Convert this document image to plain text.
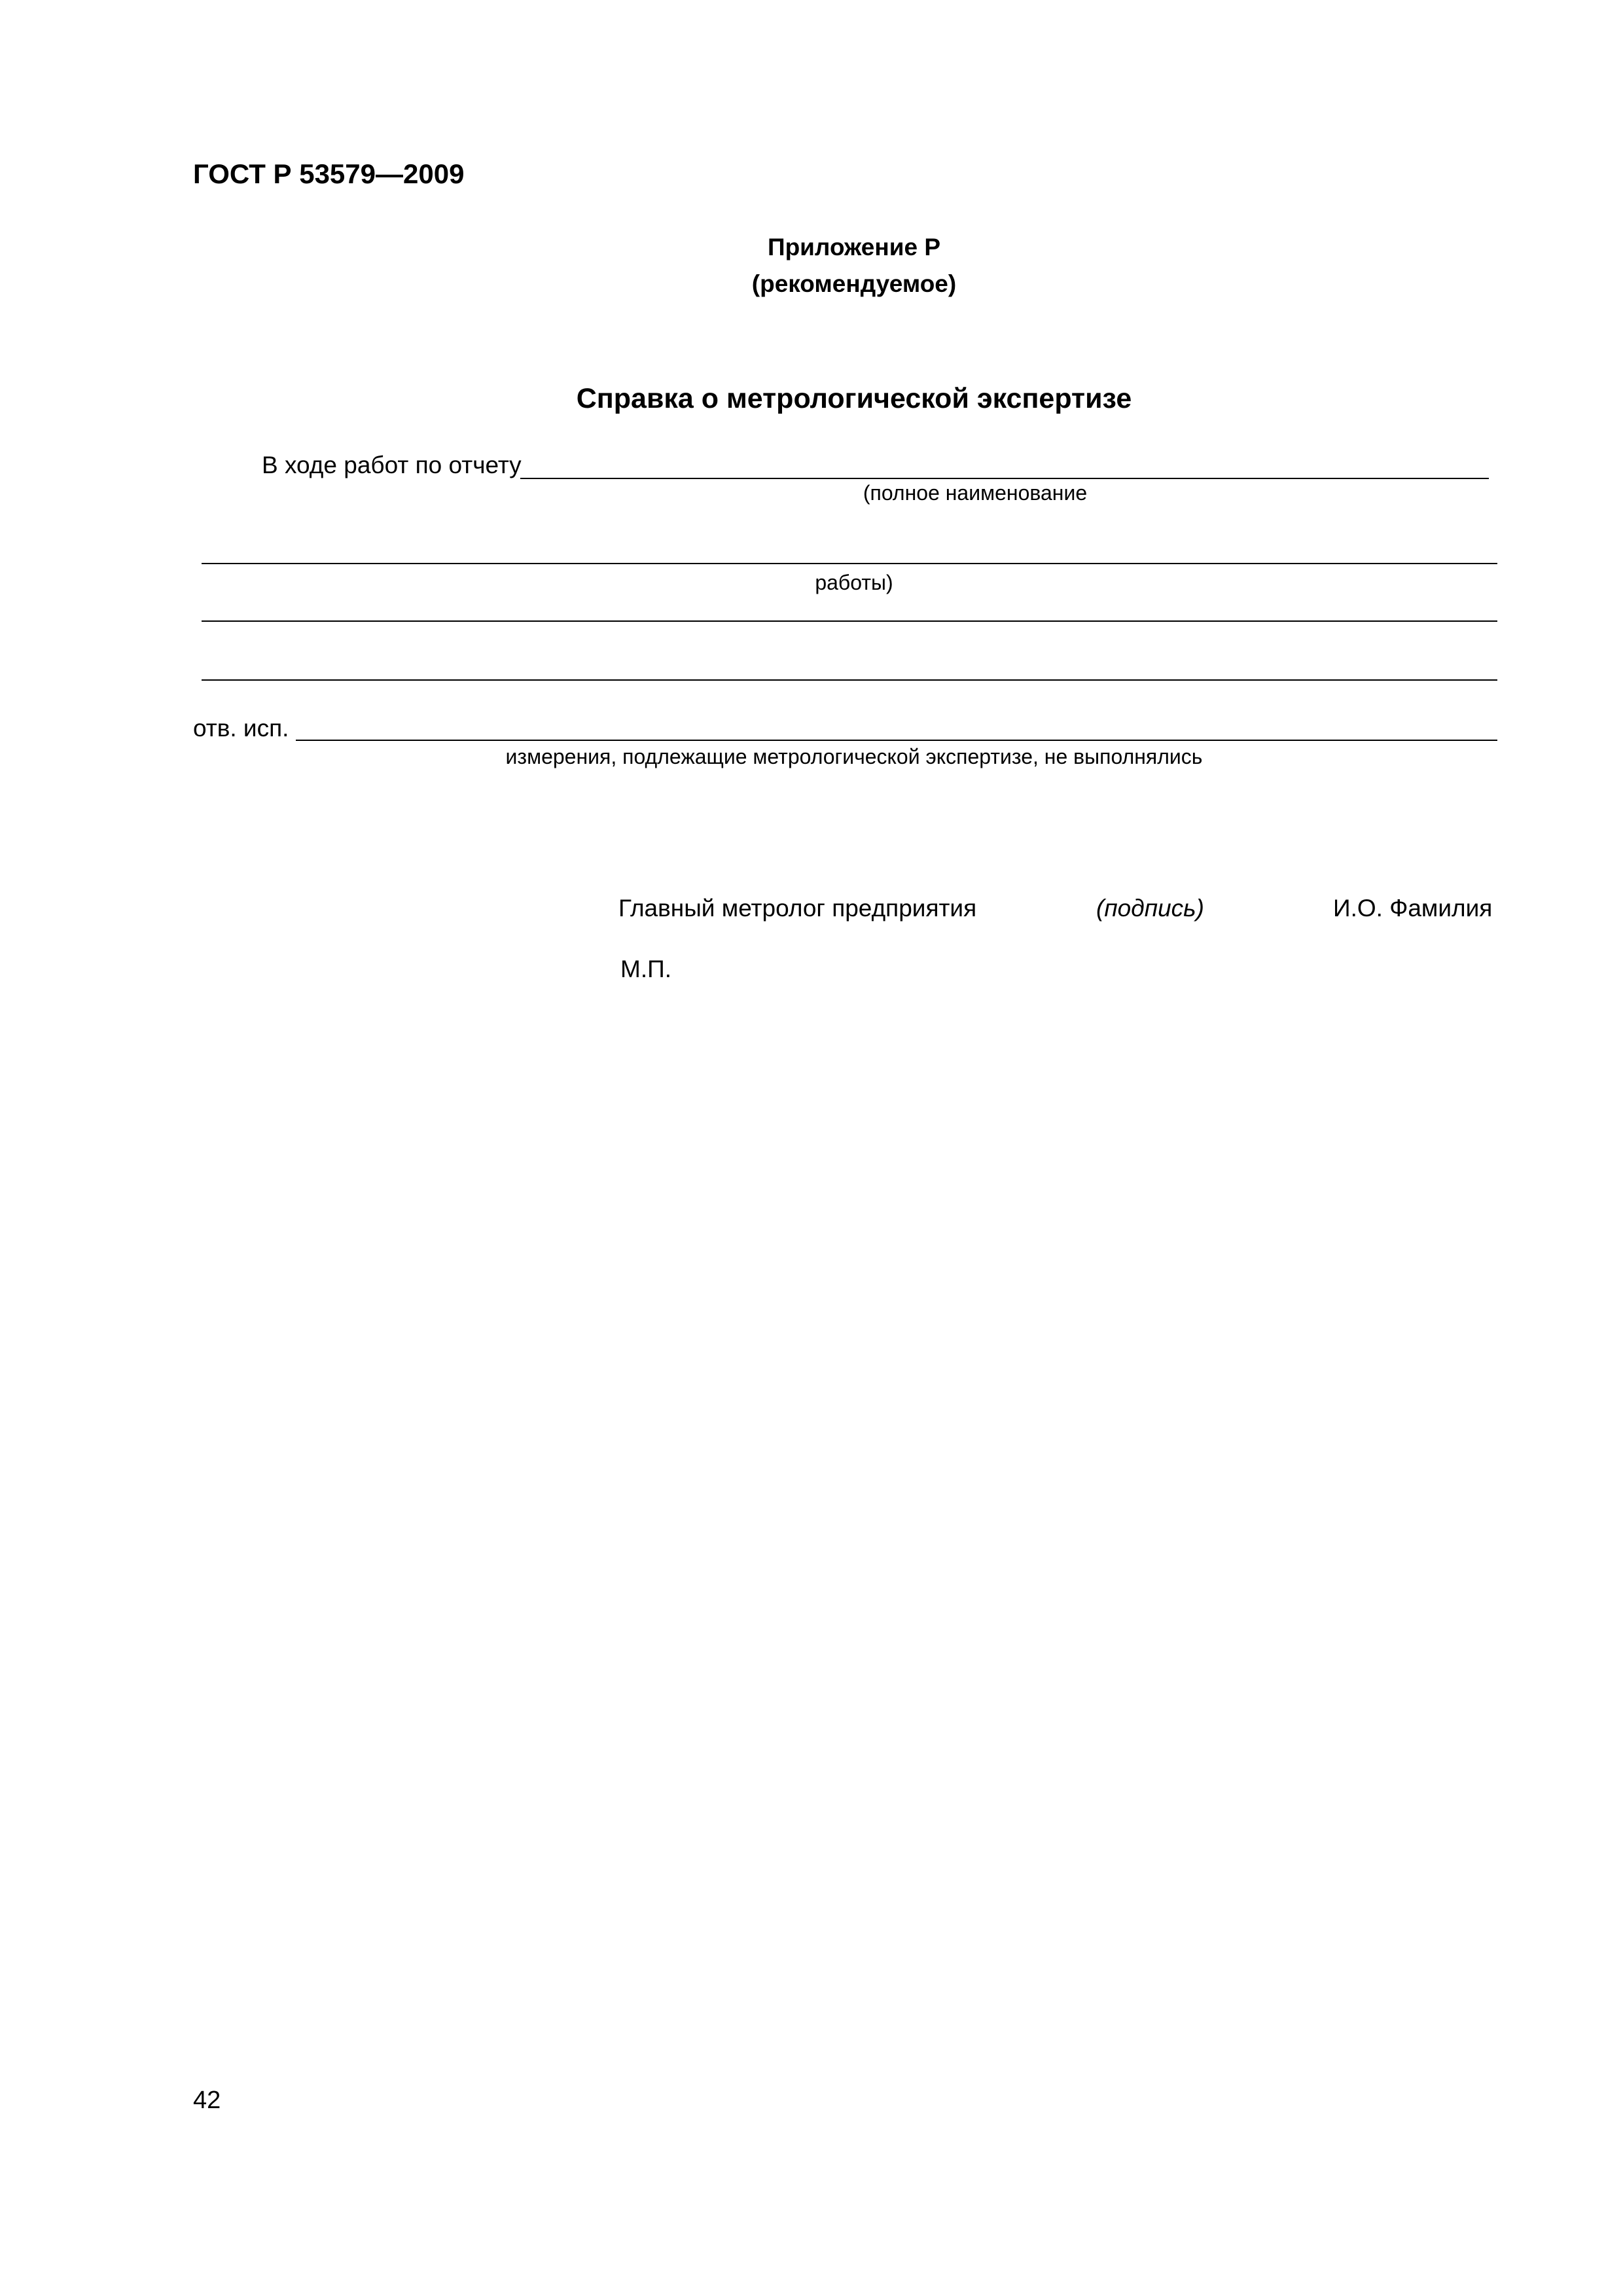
ГОСТ Р 53579—2009
Приложение Р
(рекомендуемое)
Справка о метрологической экспертизе
В ходе работ по отчету
(полное наименование
работы)
отв. исп.
измерения, подлежащие метрологической экспертизе, не выполнялись
Главный метролог предприятия	(подпись)	И.О. Фамилия
М.П.
42
